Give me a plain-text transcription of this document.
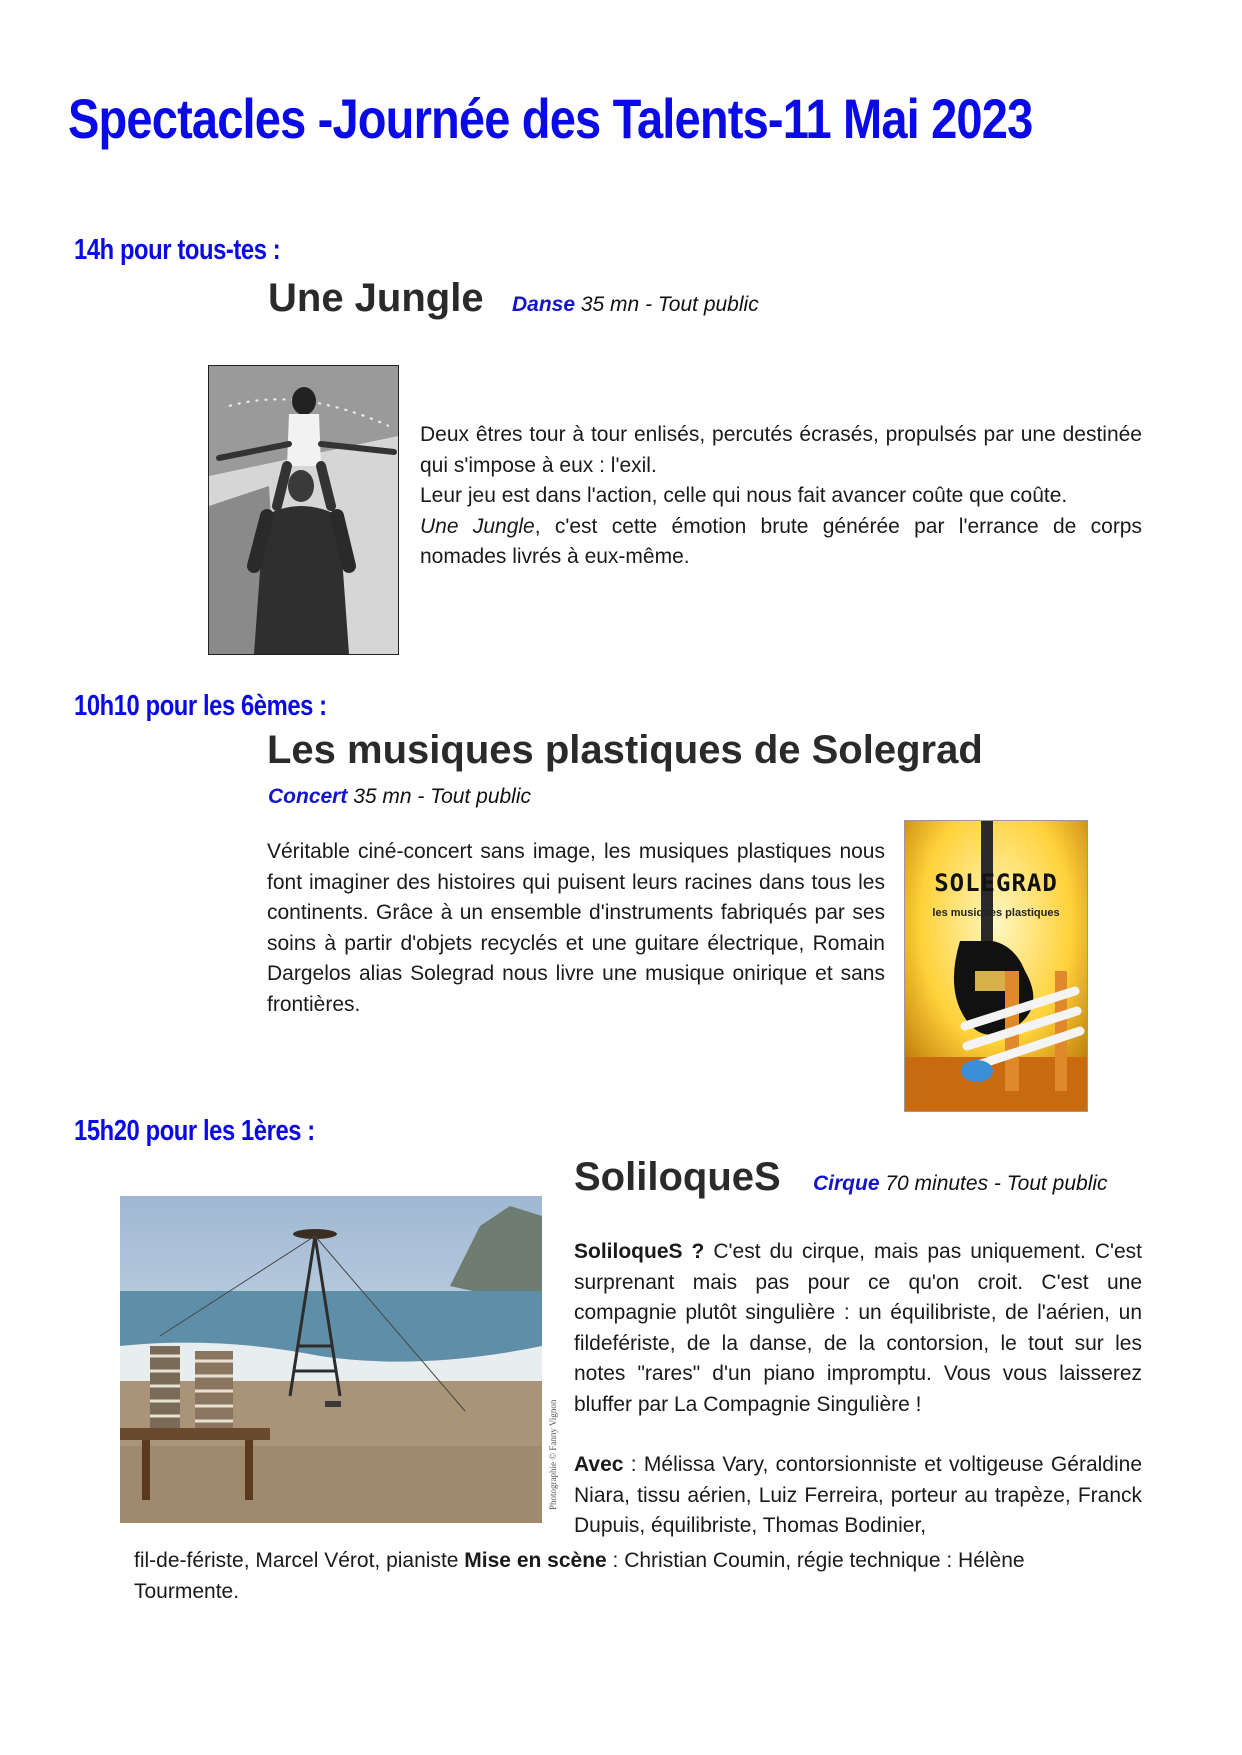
Spectacles -Journée des Talents-11 Mai 2023
14h pour tous-tes :
Une Jungle Danse 35 mn - Tout public

Deux êtres tour à tour enlisés, percutés écrasés, propulsés par une destinée qui s'impose à eux : l'exil.

Leur jeu est dans l'action, celle qui nous fait avancer coûte que coûte.

Une Jungle, c'est cette émotion brute générée par l'errance de corps nomades livrés à eux-même.

10h10 pour les 6èmes :
Les musiques plastiques de Solegrad
Concert 35 mn - Tout public

Véritable ciné-concert sans image, les musiques plastiques nous font imaginer des histoires qui puisent leurs racines dans tous les continents. Grâce à un ensemble d'instruments fabriqués par ses soins à partir d'objets recyclés et une guitare électrique, Romain Dargelos alias Solegrad nous livre une musique onirique et sans frontières.

SOLEGRAD
les musiques plastiques
15h20 pour les 1ères :
SoliloqueS Cirque 70 minutes - Tout public
Photographie © Fanny Vignon

SoliloqueS ? C'est du cirque, mais pas uniquement. C'est surprenant mais pas pour ce qu'on croit. C'est une compagnie plutôt singulière : un équilibriste, de l'aérien, un fildefériste, de la danse, de la contorsion, le tout sur les notes "rares" d'un piano impromptu. Vous vous laisserez bluffer par La Compagnie Singulière !

Avec : Mélissa Vary, contorsionniste et voltigeuse Géraldine Niara, tissu aérien, Luiz Ferreira, porteur au trapèze, Franck Dupuis, équilibriste, Thomas Bodinier,

fil-de-fériste, Marcel Vérot, pianiste Mise en scène : Christian Coumin, régie technique : Hélène

Tourmente.
